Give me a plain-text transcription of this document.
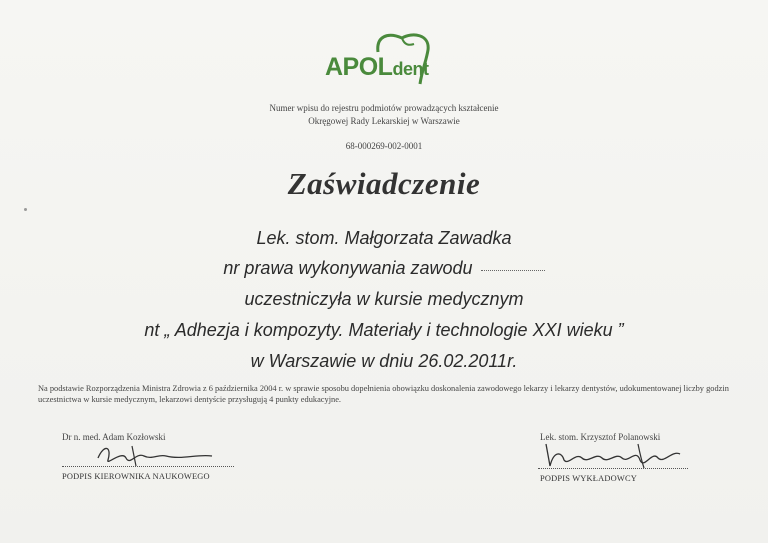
APOLdent
Numer wpisu do rejestru podmiotów prowadzących kształcenie
Okręgowej Rady Lekarskiej w Warszawie
68-000269-002-0001
Zaświadczenie
Lek. stom. Małgorzata Zawadka
nr prawa wykonywania zawodu
uczestniczyła w kursie medycznym
nt „ Adhezja i kompozyty. Materiały i technologie XXI wieku ”
w Warszawie w dniu 26.02.2011r.
Na podstawie Rozporządzenia Ministra Zdrowia z 6 października 2004 r. w sprawie sposobu dopełnienia obowiązku doskonalenia zawodowego lekarzy i lekarzy dentystów, udokumentowanej liczby godzin uczestnictwa w kursie medycznym, lekarzowi dentyście przysługują 4 punkty edukacyjne.
Dr n. med. Adam Kozłowski
PODPIS KIEROWNIKA NAUKOWEGO
Lek. stom. Krzysztof Polanowski
PODPIS WYKŁADOWCY
